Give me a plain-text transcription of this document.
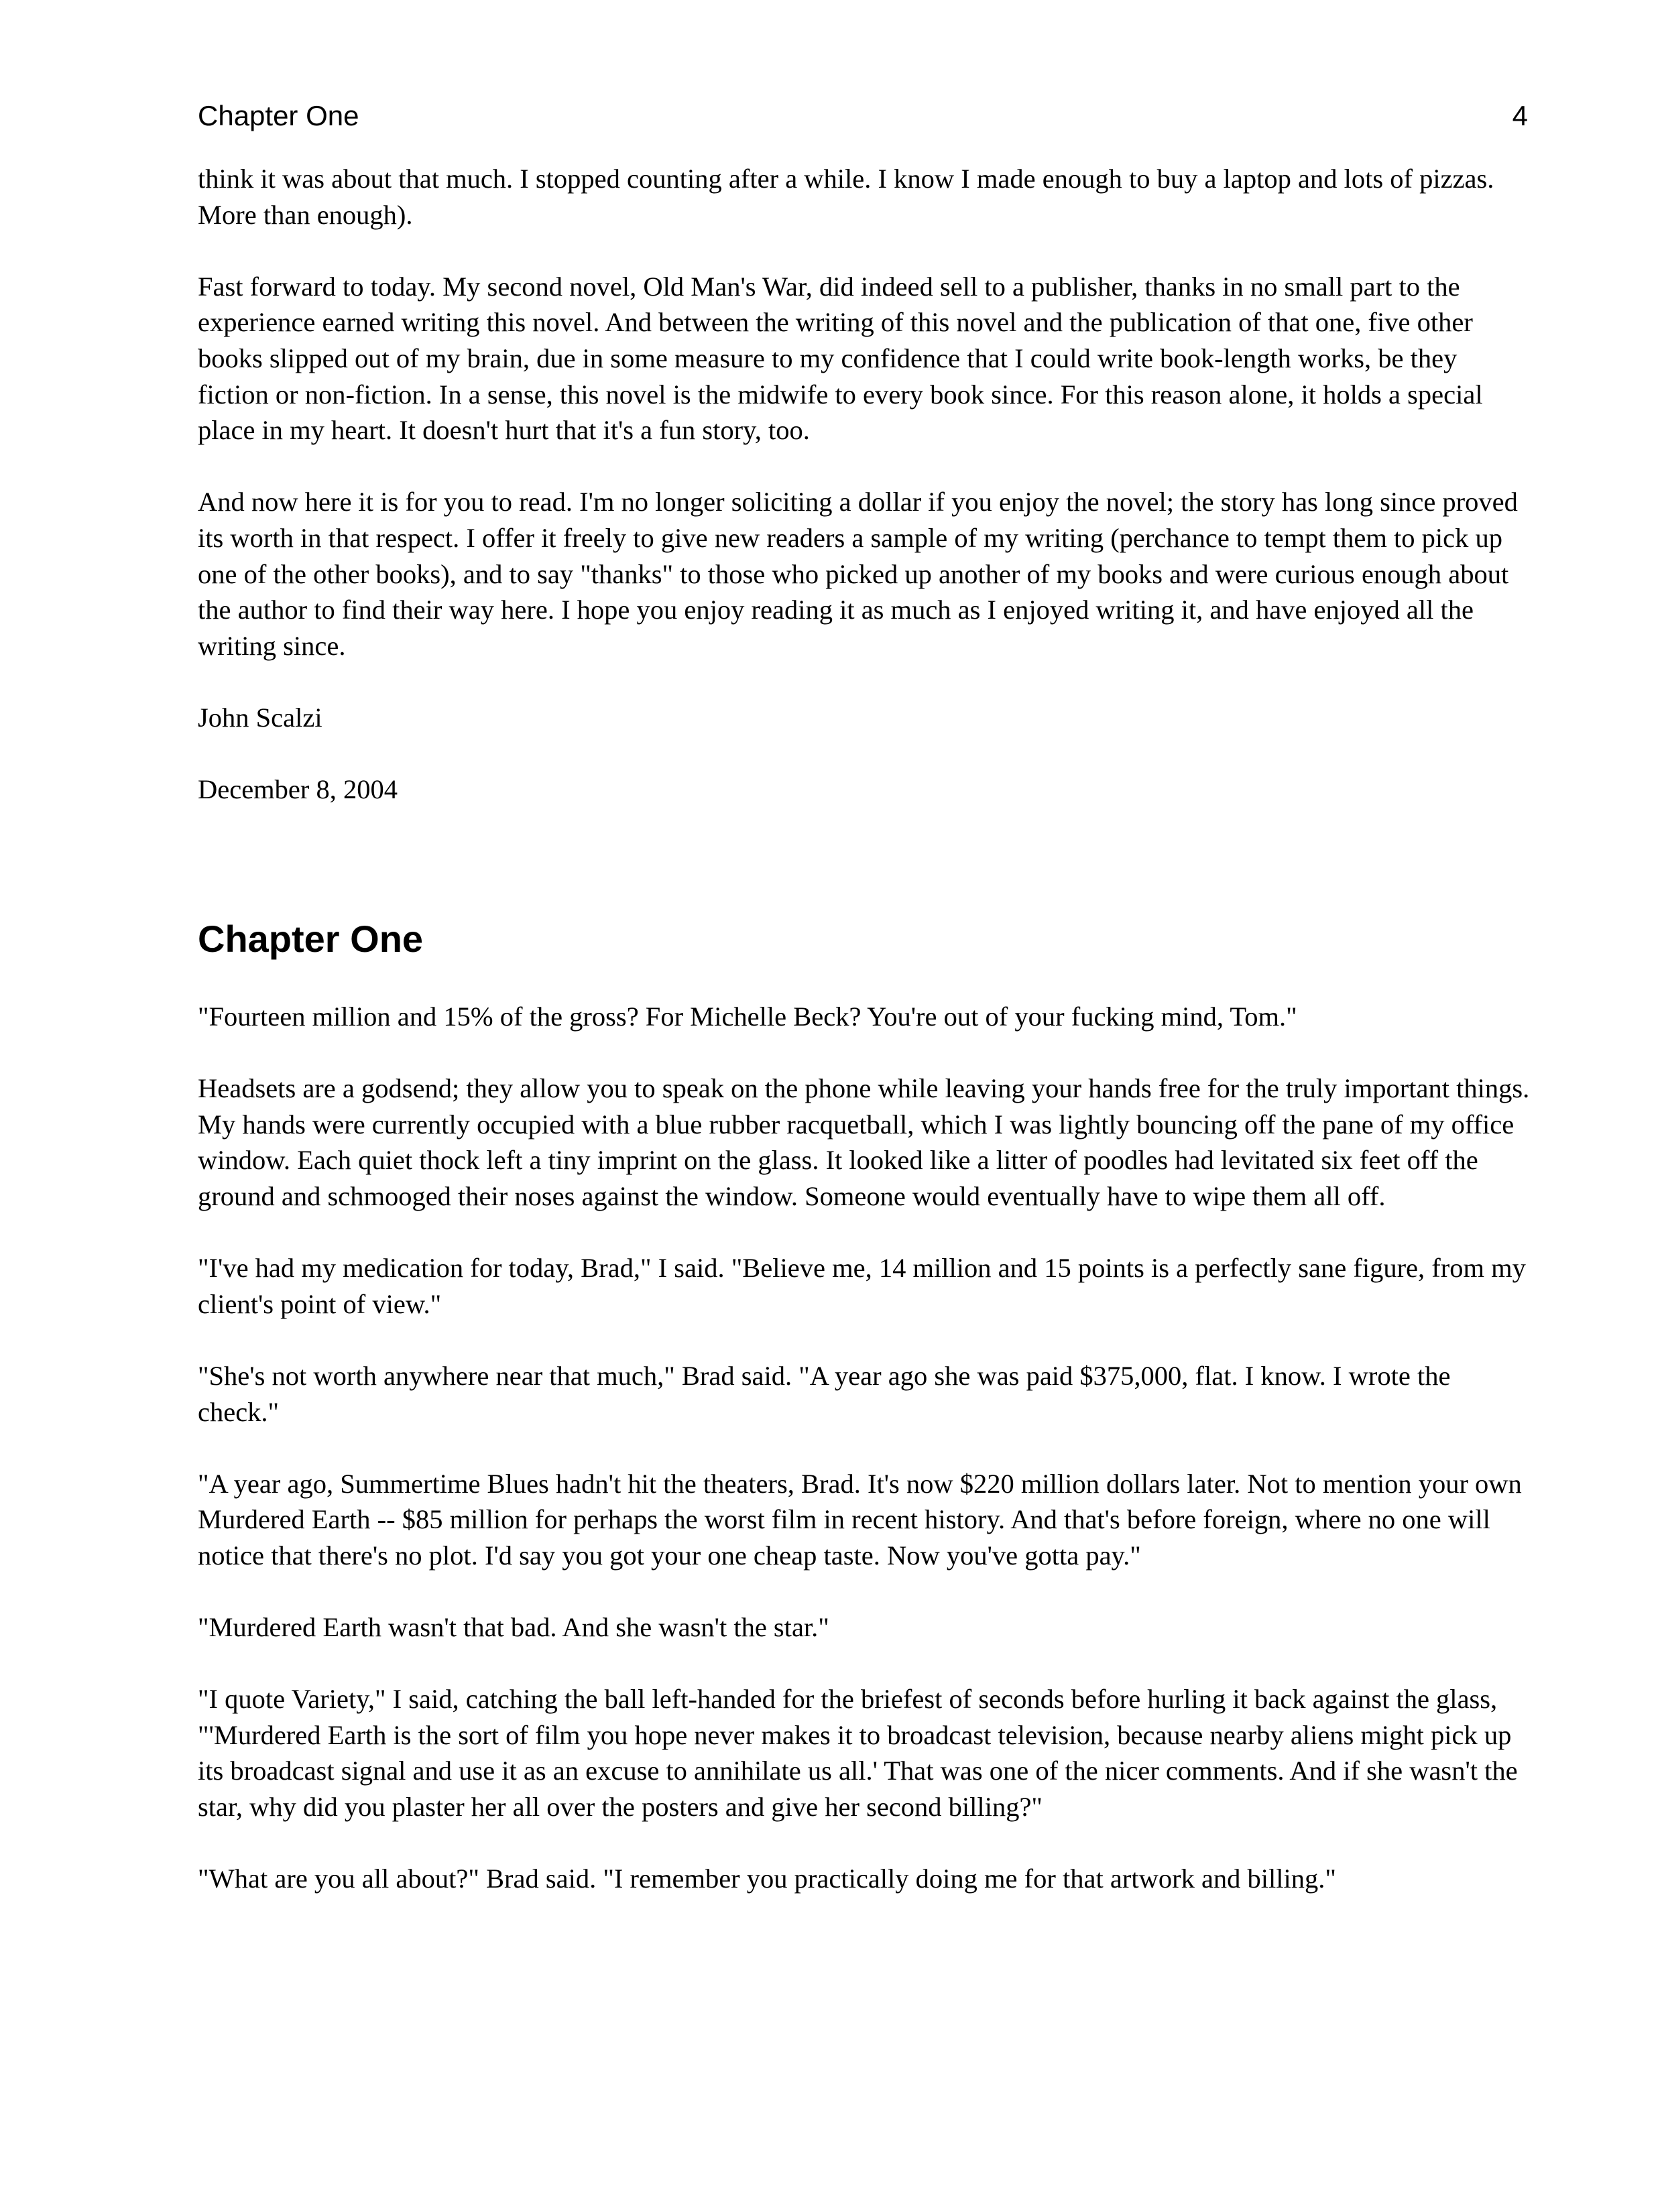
Chapter One	4

think it was about that much. I stopped counting after a while. I know I made enough to buy a laptop and lots of pizzas. More than enough).

Fast forward to today. My second novel, Old Man's War, did indeed sell to a publisher, thanks in no small part to the experience earned writing this novel. And between the writing of this novel and the publication of that one, five other books slipped out of my brain, due in some measure to my confidence that I could write book-length works, be they fiction or non-fiction. In a sense, this novel is the midwife to every book since. For this reason alone, it holds a special place in my heart. It doesn't hurt that it's a fun story, too.

And now here it is for you to read. I'm no longer soliciting a dollar if you enjoy the novel; the story has long since proved its worth in that respect. I offer it freely to give new readers a sample of my writing (perchance to tempt them to pick up one of the other books), and to say "thanks" to those who picked up another of my books and were curious enough about the author to find their way here. I hope you enjoy reading it as much as I enjoyed writing it, and have enjoyed all the writing since.

John Scalzi

December 8, 2004

Chapter One

"Fourteen million and 15% of the gross? For Michelle Beck? You're out of your fucking mind, Tom."

Headsets are a godsend; they allow you to speak on the phone while leaving your hands free for the truly important things. My hands were currently occupied with a blue rubber racquetball, which I was lightly bouncing off the pane of my office window. Each quiet thock left a tiny imprint on the glass. It looked like a litter of poodles had levitated six feet off the ground and schmooged their noses against the window. Someone would eventually have to wipe them all off.

"I've had my medication for today, Brad," I said. "Believe me, 14 million and 15 points is a perfectly sane figure, from my client's point of view."

"She's not worth anywhere near that much," Brad said. "A year ago she was paid $375,000, flat. I know. I wrote the check."

"A year ago, Summertime Blues hadn't hit the theaters, Brad. It's now $220 million dollars later. Not to mention your own Murdered Earth -- $85 million for perhaps the worst film in recent history. And that's before foreign, where no one will notice that there's no plot. I'd say you got your one cheap taste. Now you've gotta pay."

"Murdered Earth wasn't that bad. And she wasn't the star."

"I quote Variety," I said, catching the ball left-handed for the briefest of seconds before hurling it back against the glass, "'Murdered Earth is the sort of film you hope never makes it to broadcast television, because nearby aliens might pick up its broadcast signal and use it as an excuse to annihilate us all.' That was one of the nicer comments. And if she wasn't the star, why did you plaster her all over the posters and give her second billing?"

"What are you all about?" Brad said. "I remember you practically doing me for that artwork and billing."
